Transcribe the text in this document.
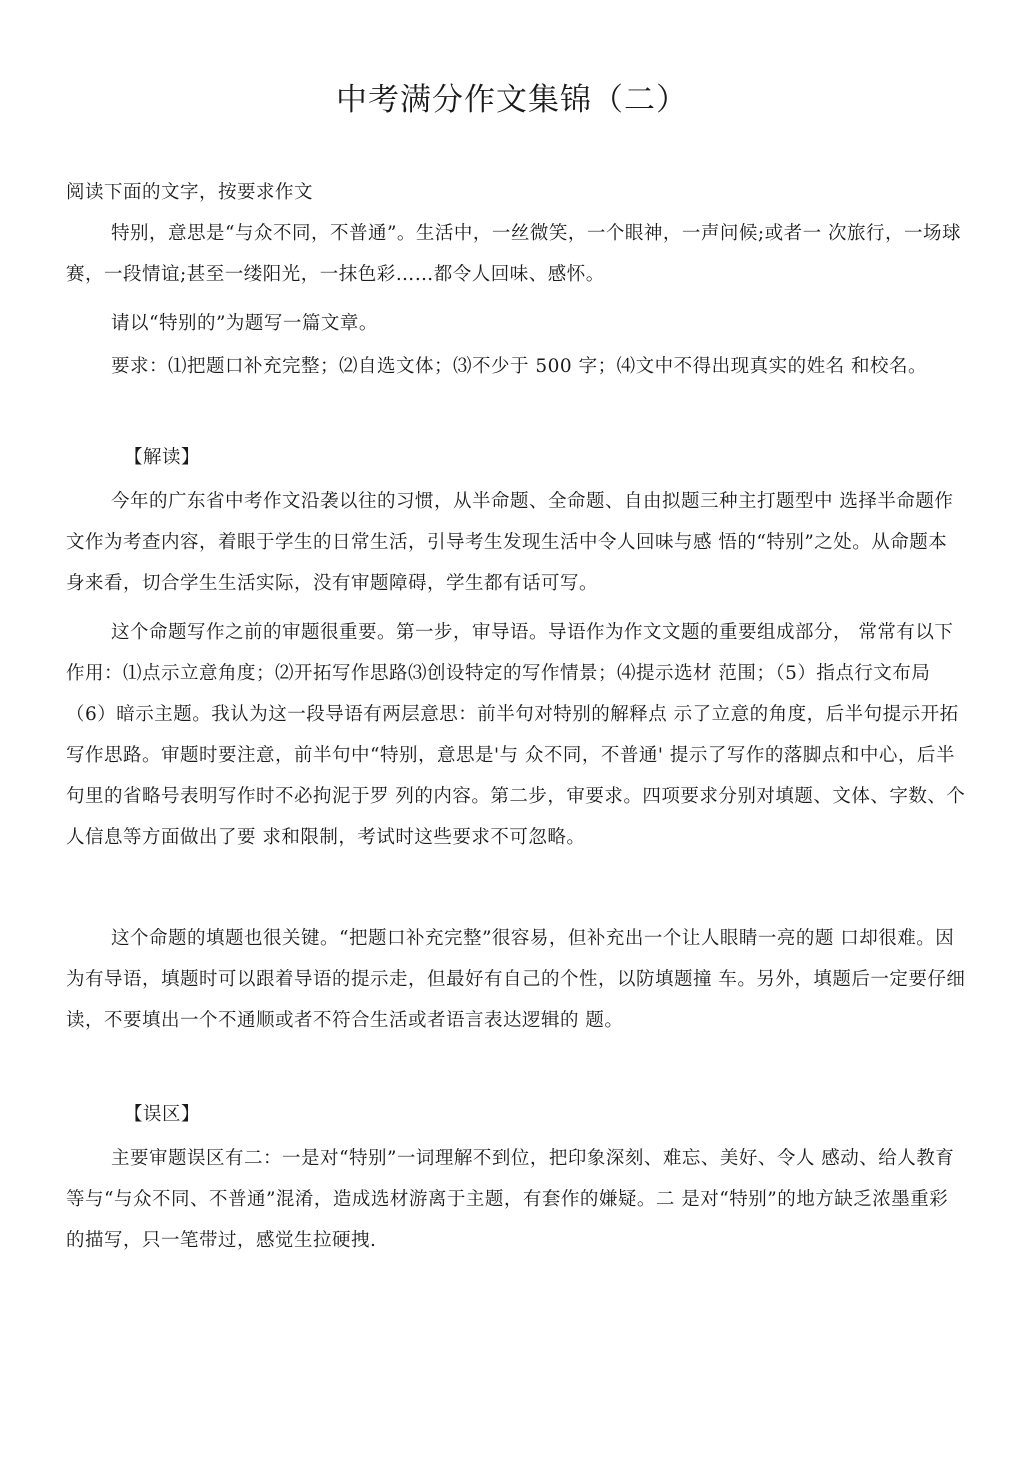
中考满分作文集锦（二）

阅读下面的文字，按要求作文

特别，意思是“与众不同，不普通”。生活中，一丝微笑，一个眼神，一声问候;或者一 次旅行，一场球赛，一段情谊;甚至一缕阳光，一抹色彩……都令人回味、感怀。

请以“特别的”为题写一篇文章。

要求：⑴把题口补充完整；⑵自选文体；⑶不少于 500 字；⑷文中不得出现真实的姓名 和校名。

【解读】

今年的广东省中考作文沿袭以往的习惯，从半命题、全命题、自由拟题三种主打题型中 选择半命题作文作为考查内容，着眼于学生的日常生活，引导考生发现生活中令人回味与感 悟的“特别”之处。从命题本身来看，切合学生生活实际，没有审题障碍，学生都有话可写。

这个命题写作之前的审题很重要。第一步，审导语。导语作为作文文题的重要组成部分， 常常有以下作用：⑴点示立意角度；⑵开拓写作思路⑶创设特定的写作情景；⑷提示选材 范围；（5）指点行文布局（6）暗示主题。我认为这一段导语有两层意思：前半句对特别的解释点 示了立意的角度，后半句提示开拓写作思路。审题时要注意，前半句中“特别，意思是'与 众不同，不普通' 提示了写作的落脚点和中心，后半句里的省略号表明写作时不必拘泥于罗 列的内容。第二步，审要求。四项要求分别对填题、文体、字数、个人信息等方面做出了要 求和限制，考试时这些要求不可忽略。

这个命题的填题也很关键。“把题口补充完整”很容易，但补充出一个让人眼睛一亮的题 口却很难。因为有导语，填题时可以跟着导语的提示走，但最好有自己的个性，以防填题撞 车。另外，填题后一定要仔细读，不要填出一个不通顺或者不符合生活或者语言表达逻辑的 题。

【误区】

主要审题误区有二：一是对“特别”一词理解不到位，把印象深刻、难忘、美好、令人 感动、给人教育等与“与众不同、不普通”混淆，造成选材游离于主题，有套作的嫌疑。二 是对“特别”的地方缺乏浓墨重彩的描写，只一笔带过，感觉生拉硬拽.
